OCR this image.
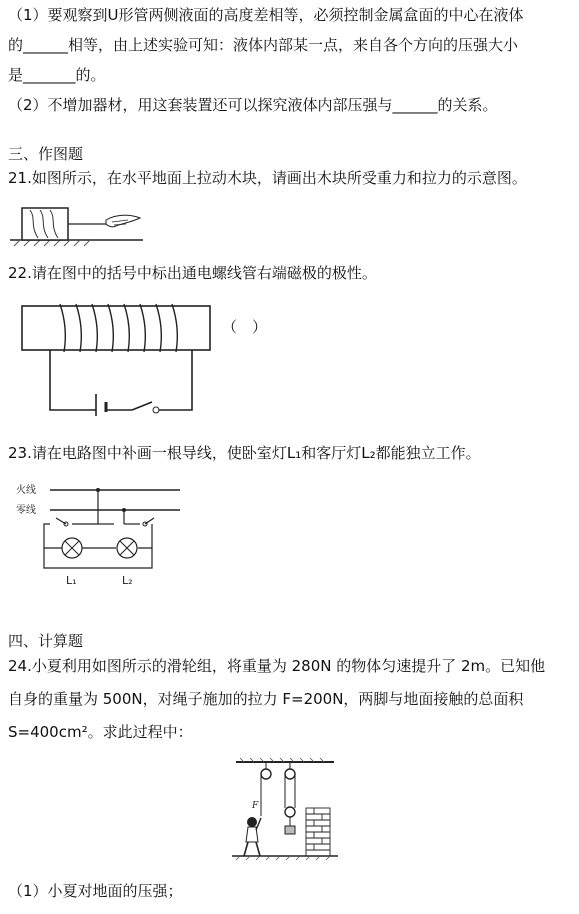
（1）要观察到U形管两侧液面的高度差相等，必须控制金属盒面的中心在液体
的______相等，由上述实验可知：液体内部某一点，来自各个方向的压强大小
是_______的。
（2）不增加器材，用这套装置还可以探究液体内部压强与______的关系。
三、作图题
21.如图所示，在水平地面上拉动木块，请画出木块所受重力和拉力的示意图。
22.请在图中的括号中标出通电螺线管右端磁极的极性。
（　）
23.请在电路图中补画一根导线，使卧室灯L₁和客厅灯L₂都能独立工作。
火线
零线
L₁	L₂
四、计算题
24.小夏利用如图所示的滑轮组，将重量为 280N 的物体匀速提升了 2m。已知他
自身的重量为 500N，对绳子施加的拉力 F=200N，两脚与地面接触的总面积
S=400cm²。求此过程中：
F
（1）小夏对地面的压强；
